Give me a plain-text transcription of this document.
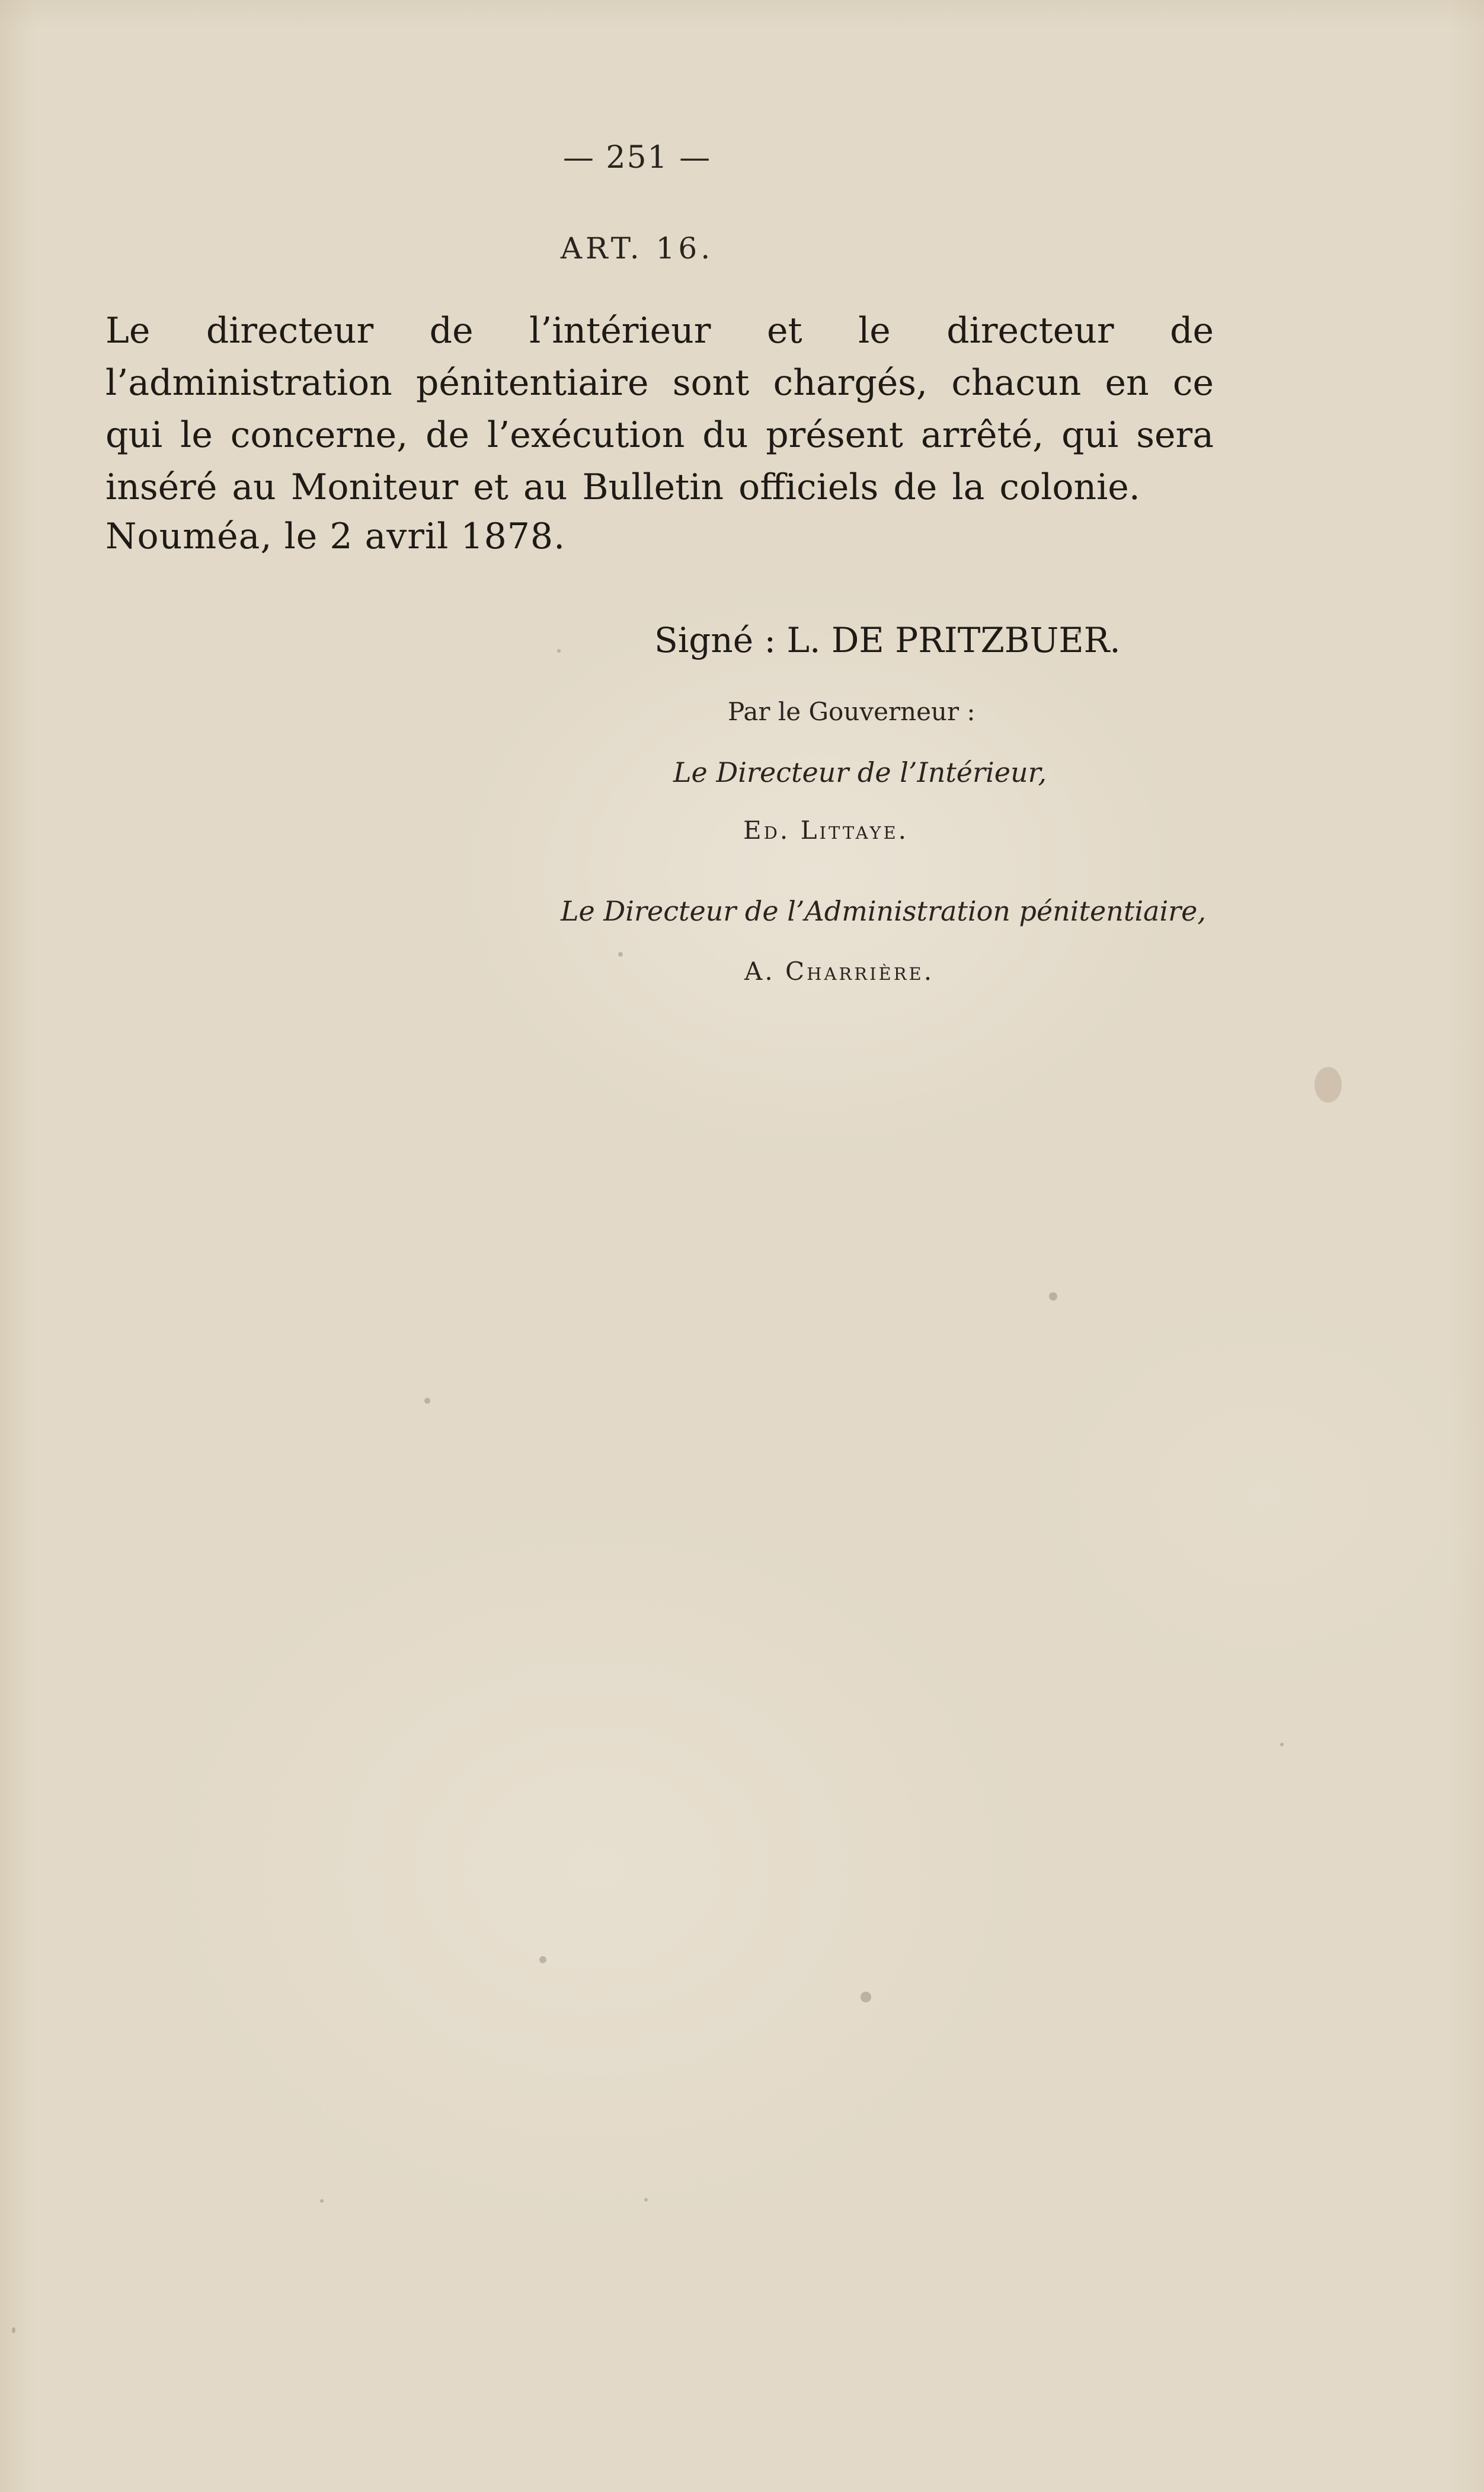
— 251 —
ART. 16.

Le directeur de l’intérieur et le directeur de l’administration pénitentiaire sont chargés, chacun en ce qui le concerne, de l’exécution du présent arrêté, qui sera inséré au Moniteur et au Bulletin officiels de la colonie.

Nouméa, le 2 avril 1878.
Signé : L. DE PRITZBUER.
Par le Gouverneur :
Le Directeur de l’Intérieur,
Ed. Littaye.
Le Directeur de l’Administration pénitentiaire,
A. Charrière.
